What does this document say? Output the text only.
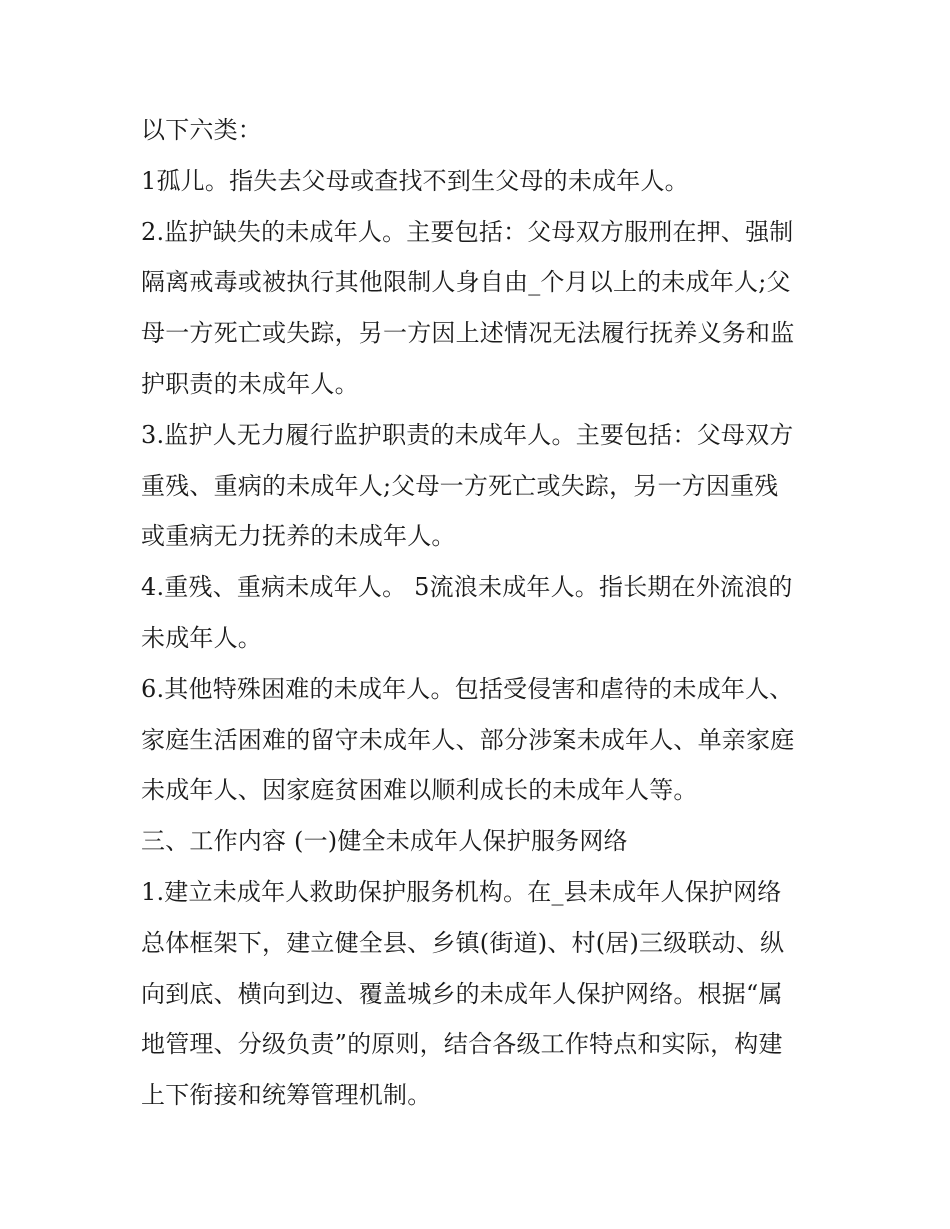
以下六类：
1孤儿。指失去父母或查找不到生父母的未成年人。
2.监护缺失的未成年人。主要包括：父母双方服刑在押、强制
隔离戒毒或被执行其他限制人身自由_个月以上的未成年人;父
母一方死亡或失踪，另一方因上述情况无法履行抚养义务和监
护职责的未成年人。
3.监护人无力履行监护职责的未成年人。主要包括：父母双方
重残、重病的未成年人;父母一方死亡或失踪，另一方因重残
或重病无力抚养的未成年人。
4.重残、重病未成年人。 5流浪未成年人。指长期在外流浪的
未成年人。
6.其他特殊困难的未成年人。包括受侵害和虐待的未成年人、
家庭生活困难的留守未成年人、部分涉案未成年人、单亲家庭
未成年人、因家庭贫困难以顺利成长的未成年人等。
三、工作内容 (一)健全未成年人保护服务网络
1.建立未成年人救助保护服务机构。在_县未成年人保护网络
总体框架下，建立健全县、乡镇(街道)、村(居)三级联动、纵
向到底、横向到边、覆盖城乡的未成年人保护网络。根据“属
地管理、分级负责”的原则，结合各级工作特点和实际，构建
上下衔接和统筹管理机制。
